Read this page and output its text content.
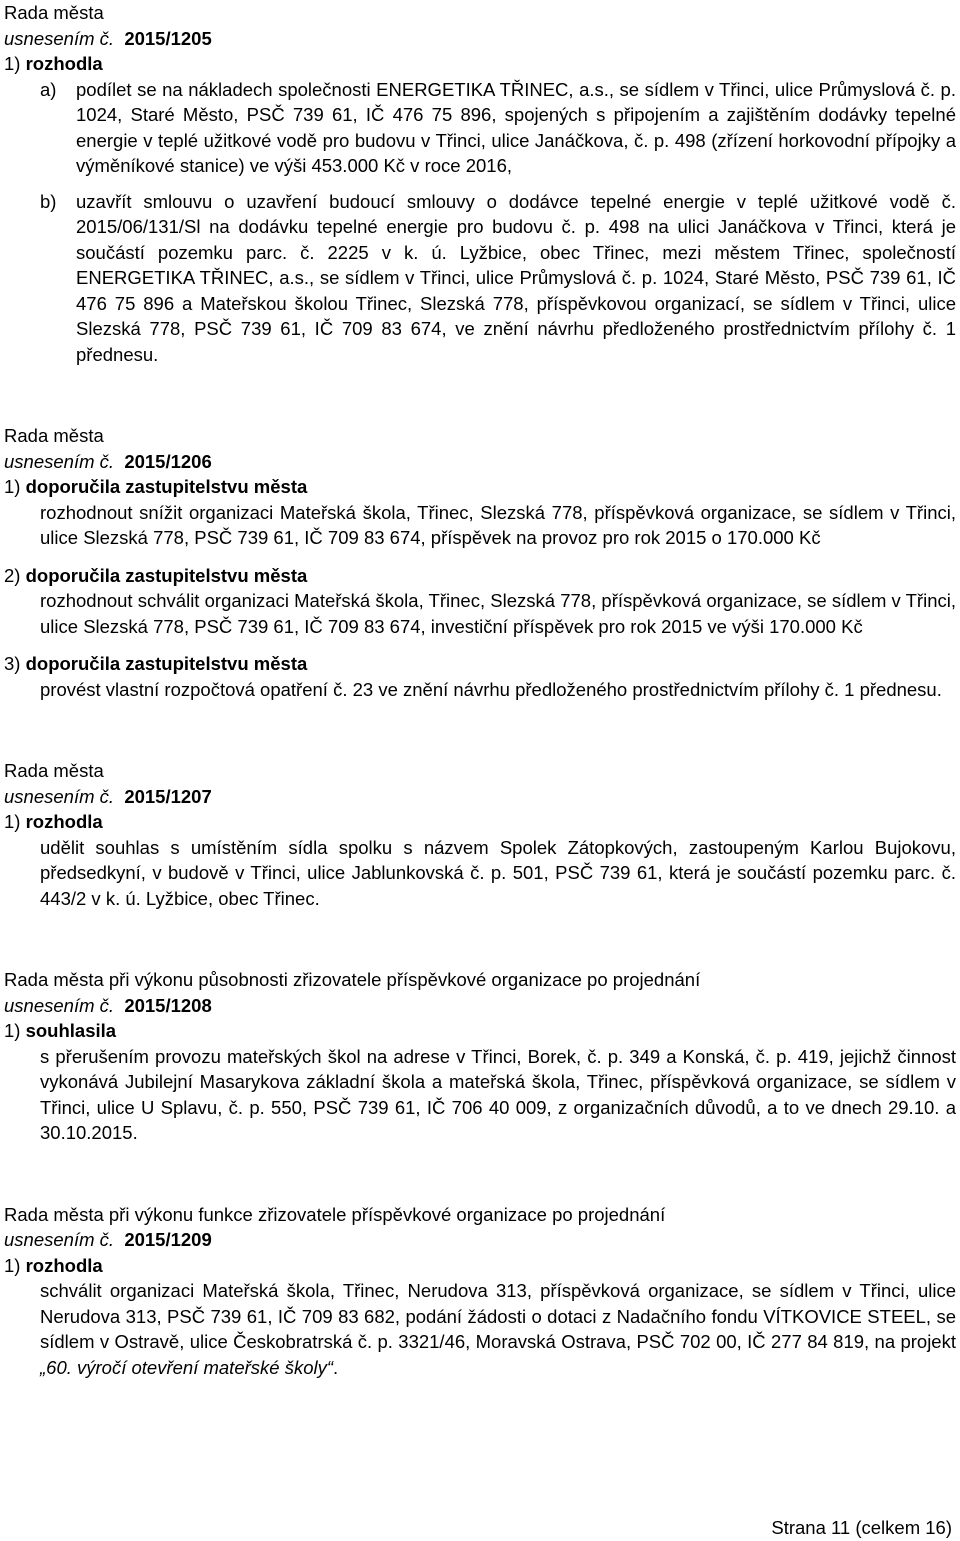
Rada města

usnesením č. 2015/1205

1) rozhodla

a) podílet se na nákladech společnosti ENERGETIKA TŘINEC, a.s., se sídlem v Třinci, ulice Průmyslová č. p. 1024, Staré Město, PSČ 739 61, IČ 476 75 896, spojených s připojením a zajištěním dodávky tepelné energie v teplé užitkové vodě pro budovu v Třinci, ulice Janáčkova, č. p. 498 (zřízení horkovodní přípojky a výměníkové stanice) ve výši 453.000 Kč v roce 2016,
b) uzavřít smlouvu o uzavření budoucí smlouvy o dodávce tepelné energie v teplé užitkové vodě č. 2015/06/131/Sl na dodávku tepelné energie pro budovu č. p. 498 na ulici Janáčkova v Třinci, která je součástí pozemku parc. č. 2225 v k. ú. Lyžbice, obec Třinec, mezi městem Třinec, společností ENERGETIKA TŘINEC, a.s., se sídlem v Třinci, ulice Průmyslová č. p. 1024, Staré Město, PSČ 739 61, IČ 476 75 896 a Mateřskou školou Třinec, Slezská 778, příspěvkovou organizací, se sídlem v Třinci, ulice Slezská 778, PSČ 739 61, IČ 709 83 674, ve znění návrhu předloženého prostřednictvím přílohy č. 1 přednesu.

Rada města

usnesením č. 2015/1206

1) doporučila zastupitelstvu města

rozhodnout snížit organizaci Mateřská škola, Třinec, Slezská 778, příspěvková organizace, se sídlem v Třinci, ulice Slezská 778, PSČ 739 61, IČ 709 83 674, příspěvek na provoz pro rok 2015 o 170.000 Kč

2) doporučila zastupitelstvu města

rozhodnout schválit organizaci Mateřská škola, Třinec, Slezská 778, příspěvková organizace, se sídlem v Třinci, ulice Slezská 778, PSČ 739 61, IČ 709 83 674, investiční příspěvek pro rok 2015 ve výši 170.000 Kč

3) doporučila zastupitelstvu města

provést vlastní rozpočtová opatření č. 23 ve znění návrhu předloženého prostřednictvím přílohy č. 1 přednesu.

Rada města

usnesením č. 2015/1207

1) rozhodla

udělit souhlas s umístěním sídla spolku s názvem Spolek Zátopkových, zastoupeným Karlou Bujokovu, předsedkyní, v budově v Třinci, ulice Jablunkovská č. p. 501, PSČ 739 61, která je součástí pozemku parc. č. 443/2 v k. ú. Lyžbice, obec Třinec.

Rada města při výkonu působnosti zřizovatele příspěvkové organizace po projednání

usnesením č. 2015/1208

1) souhlasila

s přerušením provozu mateřských škol na adrese v Třinci, Borek, č. p. 349 a Konská, č. p. 419, jejichž činnost vykonává Jubilejní Masarykova základní škola a mateřská škola, Třinec, příspěvková organizace, se sídlem v Třinci, ulice U Splavu, č. p. 550, PSČ 739 61, IČ 706 40 009, z organizačních důvodů, a to ve dnech 29.10. a 30.10.2015.

Rada města při výkonu funkce zřizovatele příspěvkové organizace po projednání

usnesením č. 2015/1209

1) rozhodla

schválit organizaci Mateřská škola, Třinec, Nerudova 313, příspěvková organizace, se sídlem v Třinci, ulice Nerudova 313, PSČ 739 61, IČ 709 83 682, podání žádosti o dotaci z Nadačního fondu VÍTKOVICE STEEL, se sídlem v Ostravě, ulice Českobratrská č. p. 3321/46, Moravská Ostrava, PSČ 702 00, IČ 277 84 819, na projekt „60. výročí otevření mateřské školy“.

Strana 11 (celkem 16)
